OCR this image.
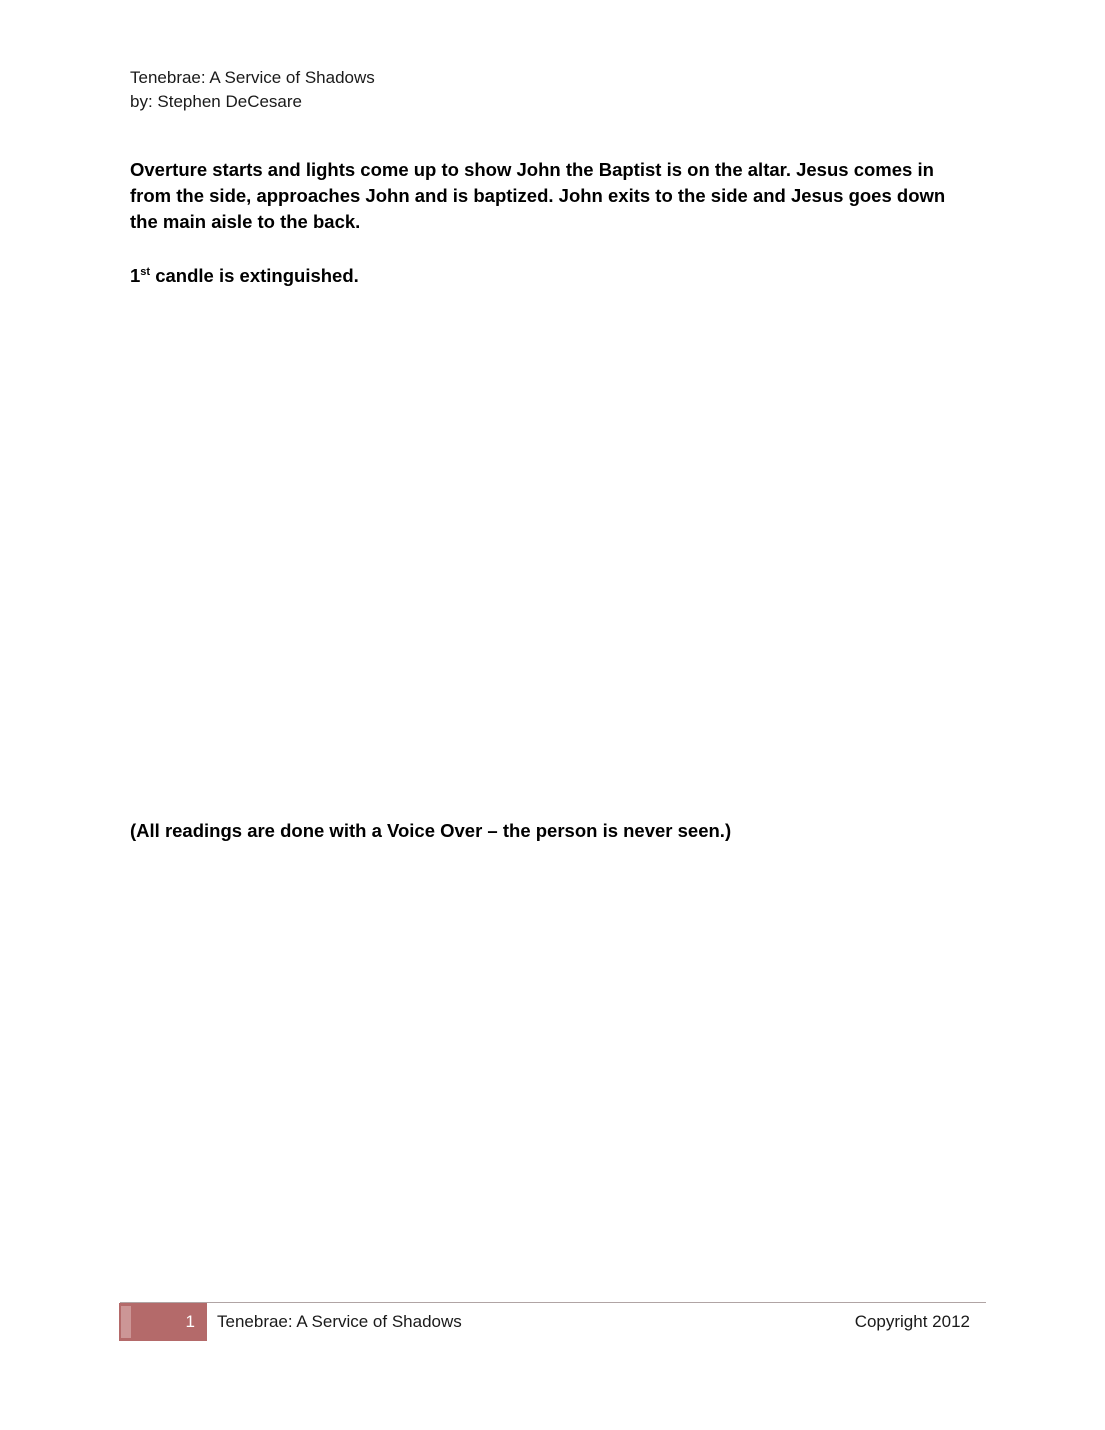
Tenebrae: A Service of Shadows
by: Stephen DeCesare
Overture starts and lights come up to show John the Baptist is on the altar. Jesus comes in from the side, approaches John and is baptized. John exits to the side and Jesus goes down the main aisle to the back.
1st candle is extinguished.
(All readings are done with a Voice Over – the person is never seen.)
1 Tenebrae: A Service of Shadows	Copyright 2012
